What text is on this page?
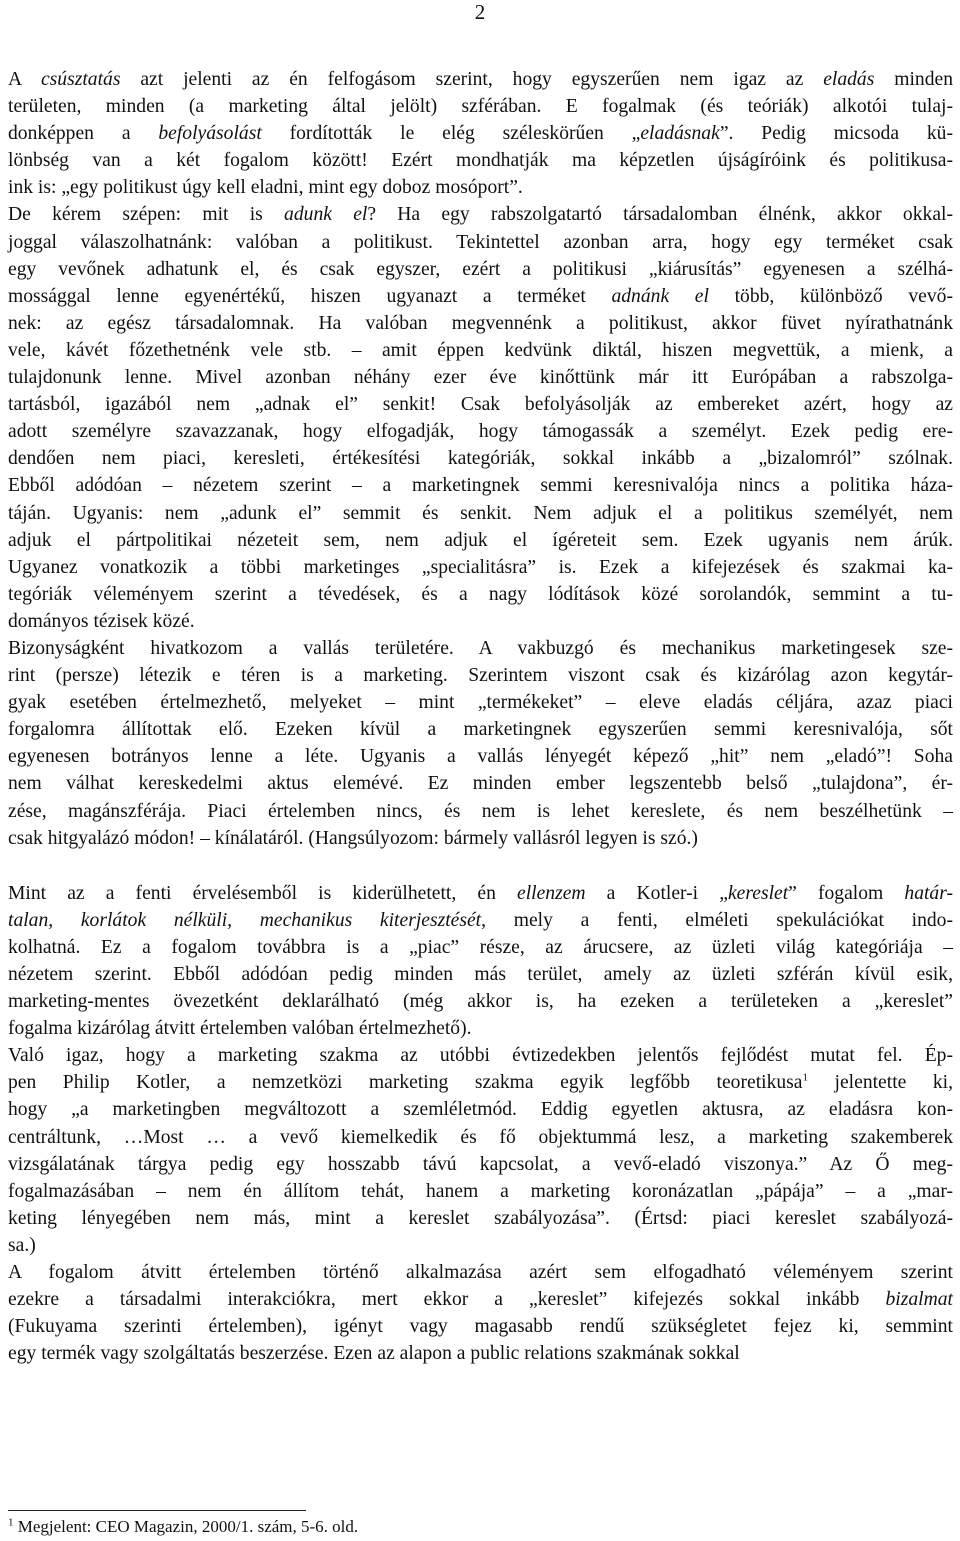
2
A csúsztatás azt jelenti az én felfogásom szerint, hogy egyszerűen nem igaz az eladás minden
területen, minden (a marketing által jelölt) szférában. E fogalmak (és teóriák) alkotói tulaj-
donképpen a befolyásolást fordították le elég széleskörűen „eladásnak”. Pedig micsoda kü-
lönbség van a két fogalom között! Ezért mondhatják ma képzetlen újságíróink és politikusa-
ink is: „egy politikust úgy kell eladni, mint egy doboz mosóport”.
De kérem szépen: mit is adunk el? Ha egy rabszolgatartó társadalomban élnénk, akkor okkal-
joggal válaszolhatnánk: valóban a politikust. Tekintettel azonban arra, hogy egy terméket csak
egy vevőnek adhatunk el, és csak egyszer, ezért a politikusi „kiárusítás” egyenesen a szélhá-
mossággal lenne egyenértékű, hiszen ugyanazt a terméket adnánk el több, különböző vevő-
nek: az egész társadalomnak. Ha valóban megvennénk a politikust, akkor füvet nyírathatnánk
vele, kávét főzethetnénk vele stb. – amit éppen kedvünk diktál, hiszen megvettük, a mienk, a
tulajdonunk lenne. Mivel azonban néhány ezer éve kinőttünk már itt Európában a rabszolga-
tartásból, igazából nem „adnak el” senkit! Csak befolyásolják az embereket azért, hogy az
adott személyre szavazzanak, hogy elfogadják, hogy támogassák a személyt. Ezek pedig ere-
dendően nem piaci, keresleti, értékesítési kategóriák, sokkal inkább a „bizalomról” szólnak.
Ebből adódóan – nézetem szerint – a marketingnek semmi keresnivalója nincs a politika háza-
táján. Ugyanis: nem „adunk el” semmit és senkit. Nem adjuk el a politikus személyét, nem
adjuk el pártpolitikai nézeteit sem, nem adjuk el ígéreteit sem. Ezek ugyanis nem árúk.
Ugyanez vonatkozik a többi marketinges „specialitásra” is. Ezek a kifejezések és szakmai ka-
tegóriák véleményem szerint a tévedések, és a nagy lódítások közé sorolandók, semmint a tu-
dományos tézisek közé.
Bizonyságként hivatkozom a vallás területére. A vakbuzgó és mechanikus marketingesek sze-
rint (persze) létezik e téren is a marketing. Szerintem viszont csak és kizárólag azon kegytár-
gyak esetében értelmezhető, melyeket – mint „termékeket” – eleve eladás céljára, azaz piaci
forgalomra állítottak elő. Ezeken kívül a marketingnek egyszerűen semmi keresnivalója, sőt
egyenesen botrányos lenne a léte. Ugyanis a vallás lényegét képező „hit” nem „eladó”! Soha
nem válhat kereskedelmi aktus elemévé. Ez minden ember legszentebb belső „tulajdona”, ér-
zése, magánszférája. Piaci értelemben nincs, és nem is lehet kereslete, és nem beszélhetünk –
csak hitgyalázó módon! – kínálatáról. (Hangsúlyozom: bármely vallásról legyen is szó.)
Mint az a fenti érvelésemből is kiderülhetett, én ellenzem a Kotler-i „kereslet” fogalom határ-
talan, korlátok nélküli, mechanikus kiterjesztését, mely a fenti, elméleti spekulációkat indo-
kolhatná. Ez a fogalom továbbra is a „piac” része, az árucsere, az üzleti világ kategóriája –
nézetem szerint. Ebből adódóan pedig minden más terület, amely az üzleti szférán kívül esik,
marketing-mentes övezetként deklarálható (még akkor is, ha ezeken a területeken a „kereslet”
fogalma kizárólag átvitt értelemben valóban értelmezhető).
Való igaz, hogy a marketing szakma az utóbbi évtizedekben jelentős fejlődést mutat fel. Ép-
pen Philip Kotler, a nemzetközi marketing szakma egyik legfőbb teoretikusa$^1$ jelentette ki,
hogy „a marketingben megváltozott a szemléletmód. Eddig egyetlen aktusra, az eladásra kon-
centráltunk, …Most … a vevő kiemelkedik és fő objektummá lesz, a marketing szakemberek
vizsgálatának tárgya pedig egy hosszabb távú kapcsolat, a vevő-eladó viszonya.” Az Ő meg-
fogalmazásában – nem én állítom tehát, hanem a marketing koronázatlan „pápája” – a „mar-
keting lényegében nem más, mint a kereslet szabályozása”. (Értsd: piaci kereslet szabályozá-
sa.)
A fogalom átvitt értelemben történő alkalmazása azért sem elfogadható véleményem szerint
ezekre a társadalmi interakciókra, mert ekkor a „kereslet” kifejezés sokkal inkább bizalmat
(Fukuyama szerinti értelemben), igényt vagy magasabb rendű szükségletet fejez ki, semmint
egy termék vagy szolgáltatás beszerzése. Ezen az alapon a public relations szakmának sokkal
$^1$ Megjelent: CEO Magazin, 2000/1. szám, 5-6. old.
